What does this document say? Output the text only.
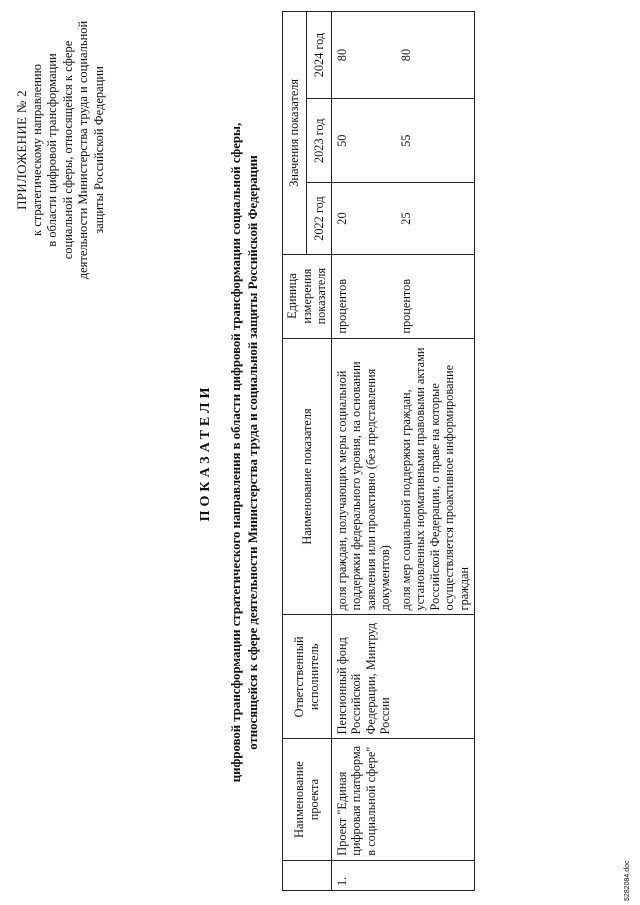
ПРИЛОЖЕНИЕ № 2 к стратегическому направлению в области цифровой трансформации социальной сферы, относящейся к сфере деятельности Министерства труда и социальной защиты Российской Федерации
ПОКАЗАТЕЛИ цифровой трансформации стратегического направления в области цифровой трансформации социальной сферы, относящейся к сфере деятельности Министерства труда и социальной защиты Российской Федерации
	Наименование проекта	Ответственный исполнитель	Наименование показателя	Единица измерения показателя	Значения показателя		
					2022 год	2023 год	2024 год
1.	Проект "Единая цифровая платформа в социальной сфере"	Пенсионный фонд Российской Федерации, Минтруд России	доля граждан, получающих меры социальной поддержки федерального уровня, на основании заявления или проактивно (без представления документов)	процентов	20	50	80
			доля мер социальной поддержки граждан, установленных нормативными правовыми актами Российской Федерации, о праве на которые осуществляется проактивное информирование граждан	процентов	25	55	80
5282084.doc
